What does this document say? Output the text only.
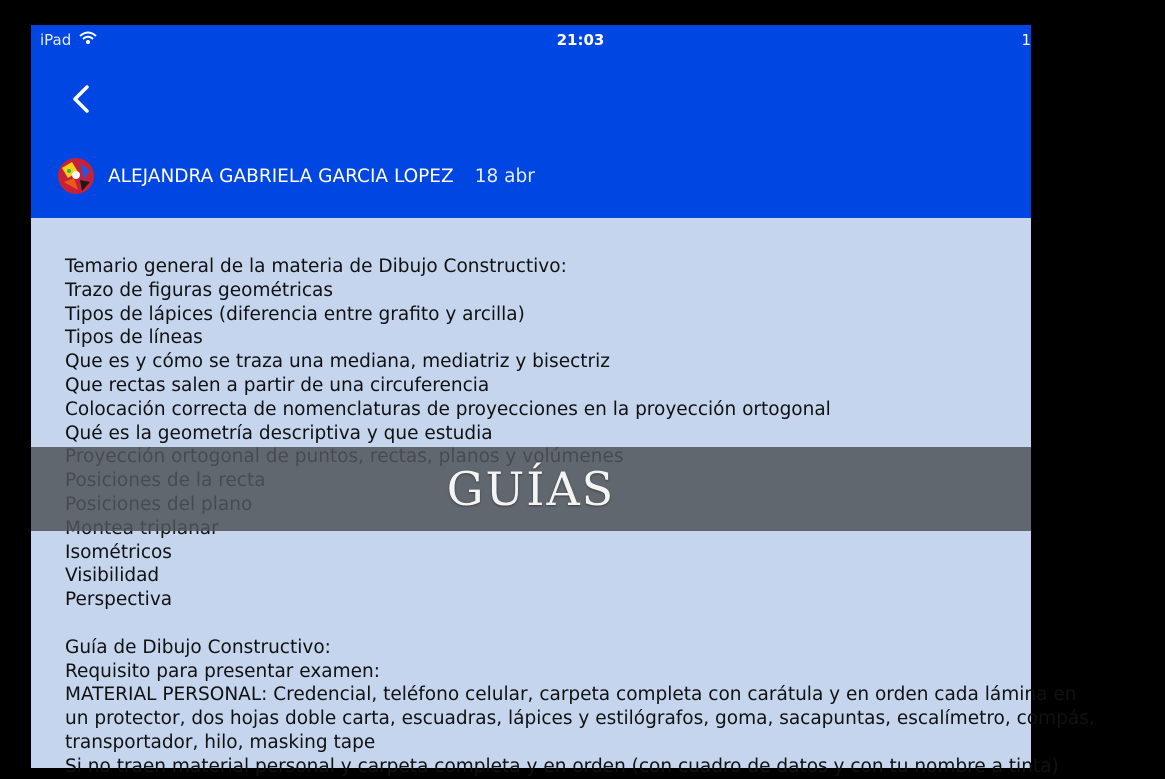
iPad	21:03	1
ALEJANDRA GABRIELA GARCIA LOPEZ 18 abr
Temario general de la materia de Dibujo Constructivo:
Trazo de figuras geométricas
Tipos de lápices (diferencia entre grafito y arcilla)
Tipos de líneas
Que es y cómo se traza una mediana, mediatriz y bisectriz
Que rectas salen a partir de una circuferencia
Colocación correcta de nomenclaturas de proyecciones en la proyección ortogonal
Qué es la geometría descriptiva y que estudia
Isométricos
Visibilidad
Perspectiva
Guía de Dibujo Constructivo:
Requisito para presentar examen:
MATERIAL PERSONAL: Credencial, teléfono celular, carpeta completa con carátula y en orden cada lámina en
un protector, dos hojas doble carta, escuadras, lápices y estilógrafos, goma, sacapuntas, escalímetro, compás,
transportador, hilo, masking tape
Si no traen material personal y carpeta completa y en orden (con cuadro de datos y con tu nombre a tinta)
GUÍAS
